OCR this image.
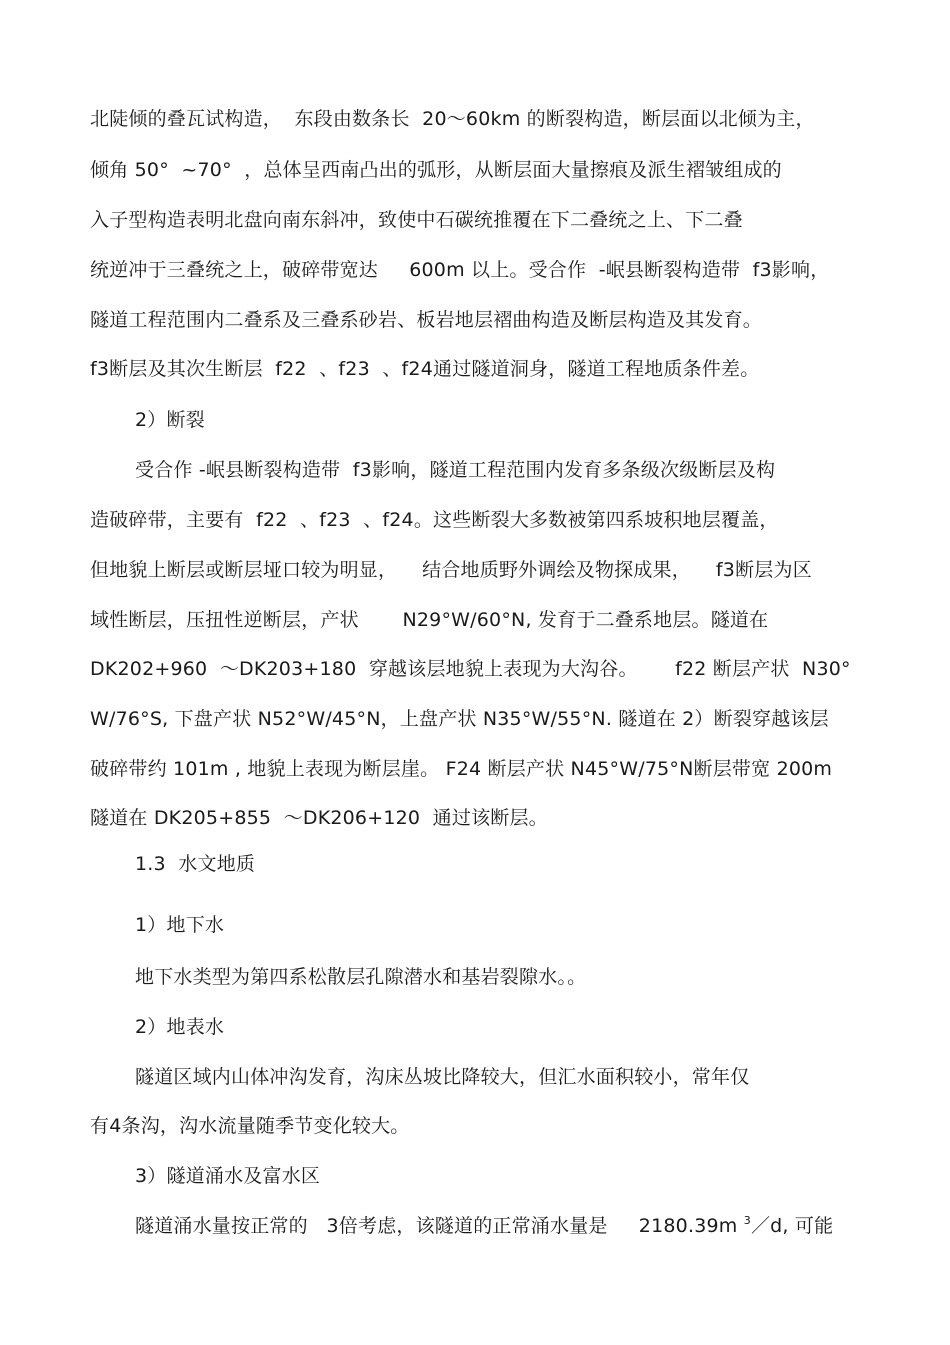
北陡倾的叠瓦试构造，  东段由数条长  20～60km 的断裂构造，断层面以北倾为主，
倾角 50°  ~70°  ，总体呈西南凸出的弧形，从断层面大量擦痕及派生褶皱组成的
入子型构造表明北盘向南东斜冲，致使中石碳统推覆在下二叠统之上、下二叠
统逆冲于三叠统之上，破碎带宽达     600m 以上。受合作  -岷县断裂构造带  f3影响，
隧道工程范围内二叠系及三叠系砂岩、板岩地层褶曲构造及断层构造及其发育。
f3断层及其次生断层  f22  、f23  、f24通过隧道洞身，隧道工程地质条件差。
2）断裂
受合作 -岷县断裂构造带  f3影响，隧道工程范围内发育多条级次级断层及构
造破碎带，主要有  f22  、f23  、f24。这些断裂大多数被第四系坡积地层覆盖，
但地貌上断层或断层垭口较为明显，    结合地质野外调绘及物探成果，    f3断层为区
域性断层，压扭性逆断层，产状       N29°W/60°N, 发育于二叠系地层。隧道在
DK202+960  ～DK203+180  穿越该层地貌上表现为大沟谷。      f22 断层产状  N30°
W/76°S, 下盘产状 N52°W/45°N，上盘产状 N35°W/55°N. 隧道在 2）断裂穿越该层
破碎带约 101m , 地貌上表现为断层崖。 F24 断层产状 N45°W/75°N断层带宽 200m
隧道在 DK205+855  ～DK206+120  通过该断层。
1.3  水文地质
1）地下水
地下水类型为第四系松散层孔隙潜水和基岩裂隙水。。
2）地表水
隧道区域内山体冲沟发育，沟床丛坡比降较大，但汇水面积较小，常年仅
有4条沟，沟水流量随季节变化较大。
3）隧道涌水及富水区
隧道涌水量按正常的   3倍考虑，该隧道的正常涌水量是     2180.39m $^3$／d, 可能
